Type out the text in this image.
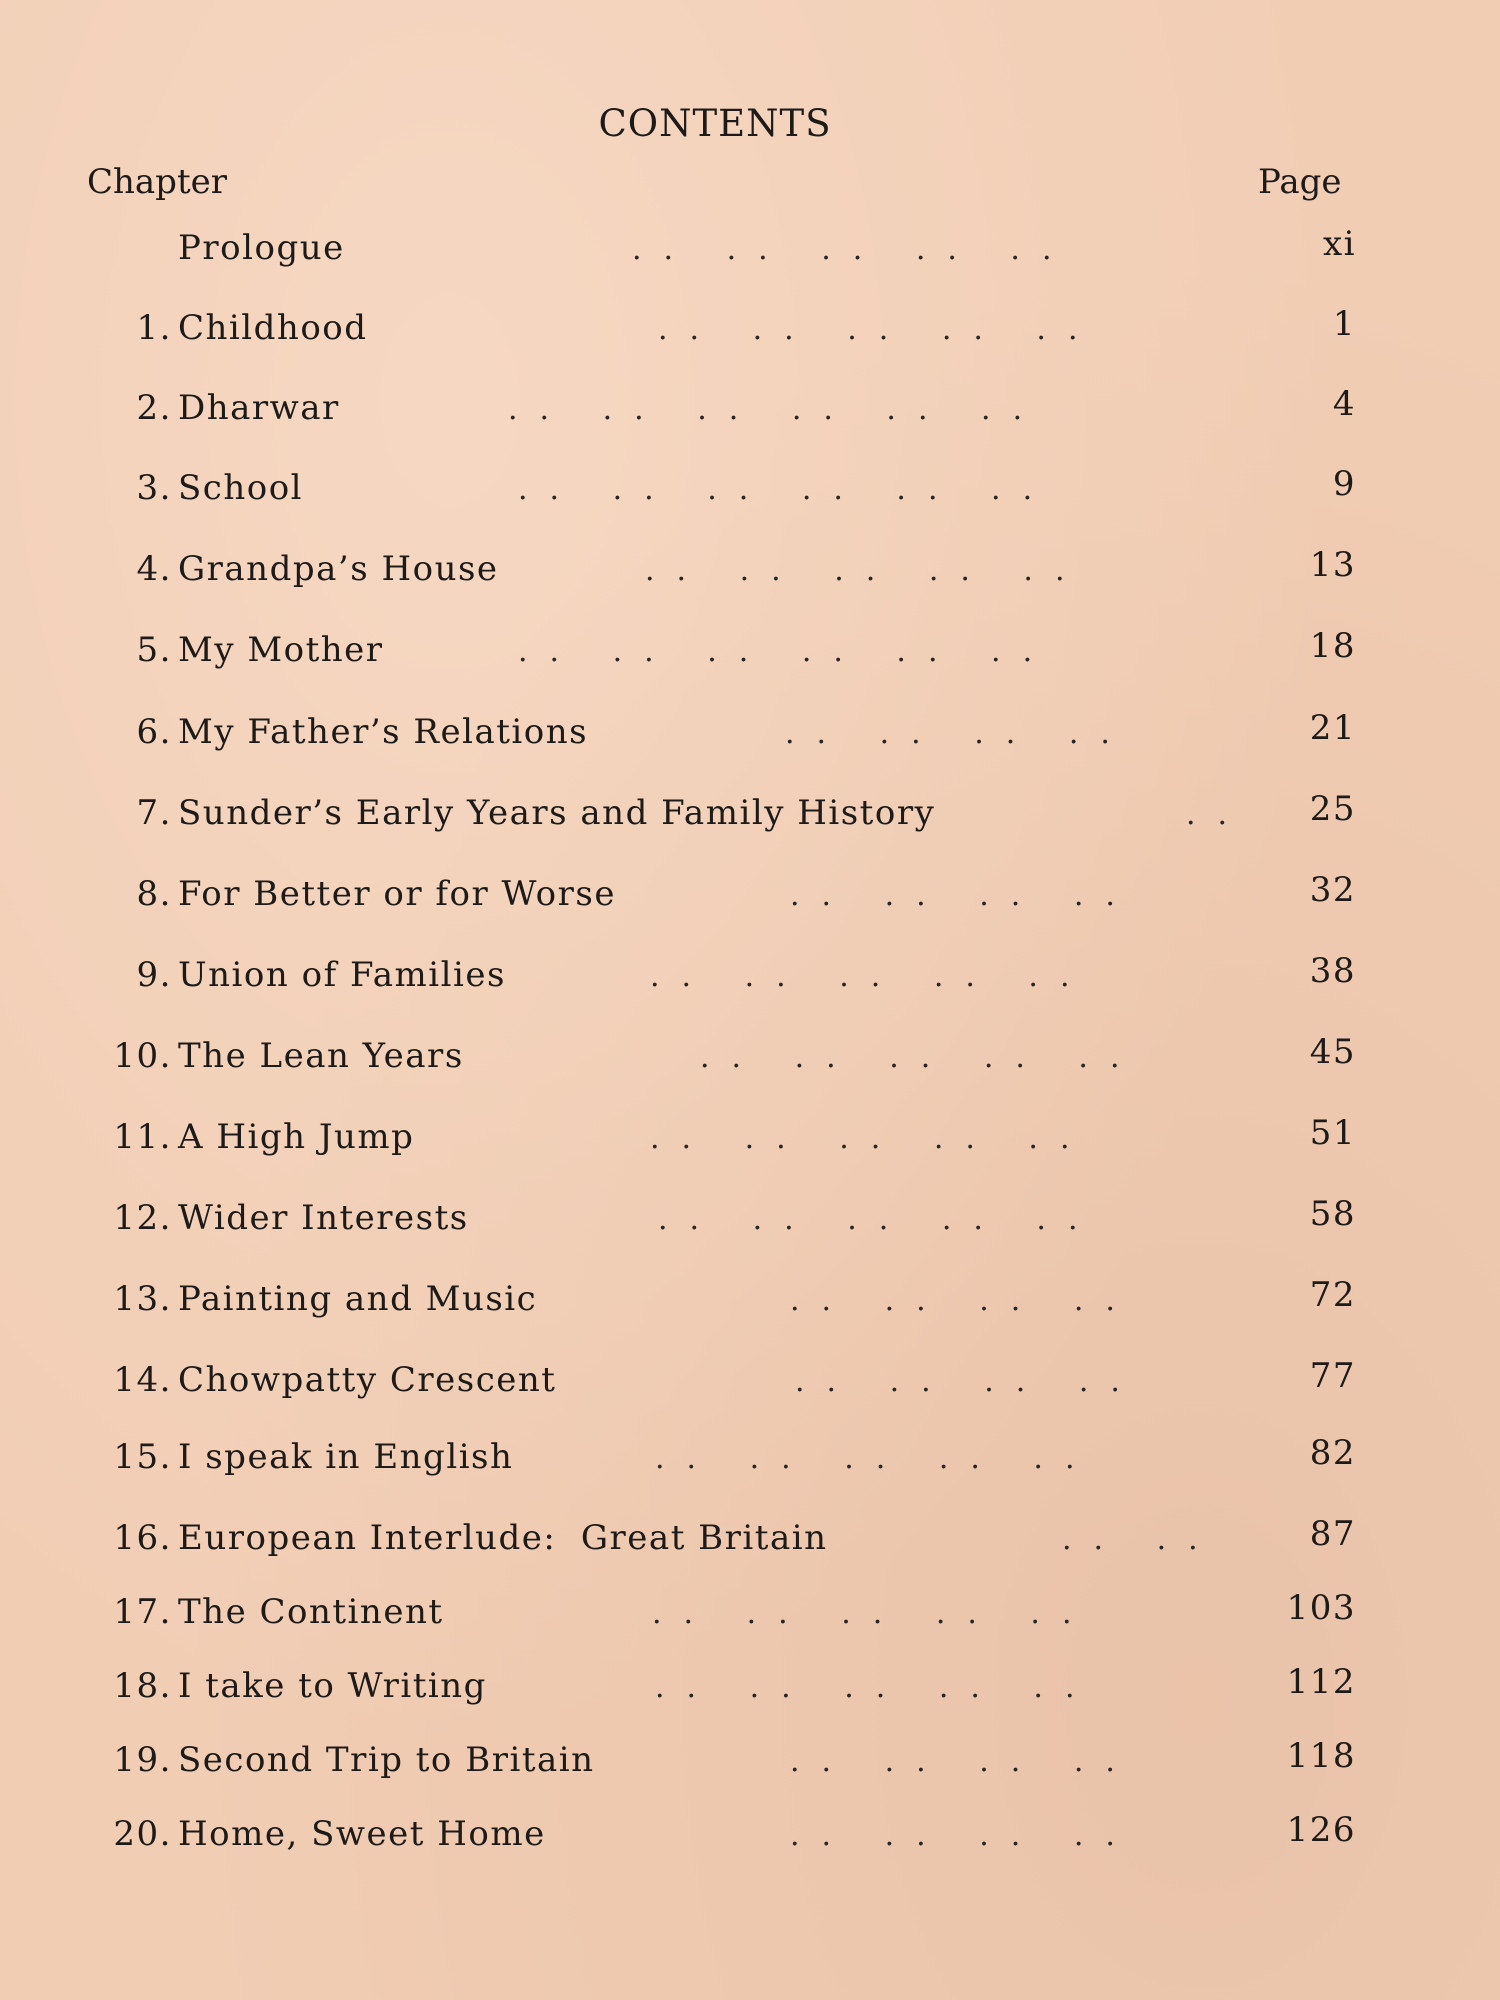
CONTENTS
Chapter	Page
Prologue	.. .. .. .. ..	xi
1. Childhood	.. .. .. .. ..	1
2. Dharwar	.. .. .. .. .. ..	4
3. School	.. .. .. .. .. ..	9
4. Grandpa’s House	.. .. .. .. ..	13
5. My Mother	.. .. .. .. .. ..	18
6. My Father’s Relations	.. .. .. ..	21
7. Sunder’s Early Years and Family History	.. 25
8. For Better or for Worse	.. .. .. ..	32
9. Union of Families	.. .. .. .. ..	38
10. The Lean Years	.. .. .. .. ..	45
11. A High Jump	.. .. .. .. ..	51
12. Wider Interests	.. .. .. .. ..	58
13. Painting and Music	.. .. .. ..	72
14. Chowpatty Crescent	.. .. .. ..	77
15. I speak in English	.. .. .. .. ..	82
16. European Interlude:  Great Britain	.. ..	87
17. The Continent	.. .. .. .. ..	103
18. I take to Writing	.. .. .. .. ..	112
19. Second Trip to Britain	.. .. .. ..	118
20. Home, Sweet Home	.. .. .. ..	126
